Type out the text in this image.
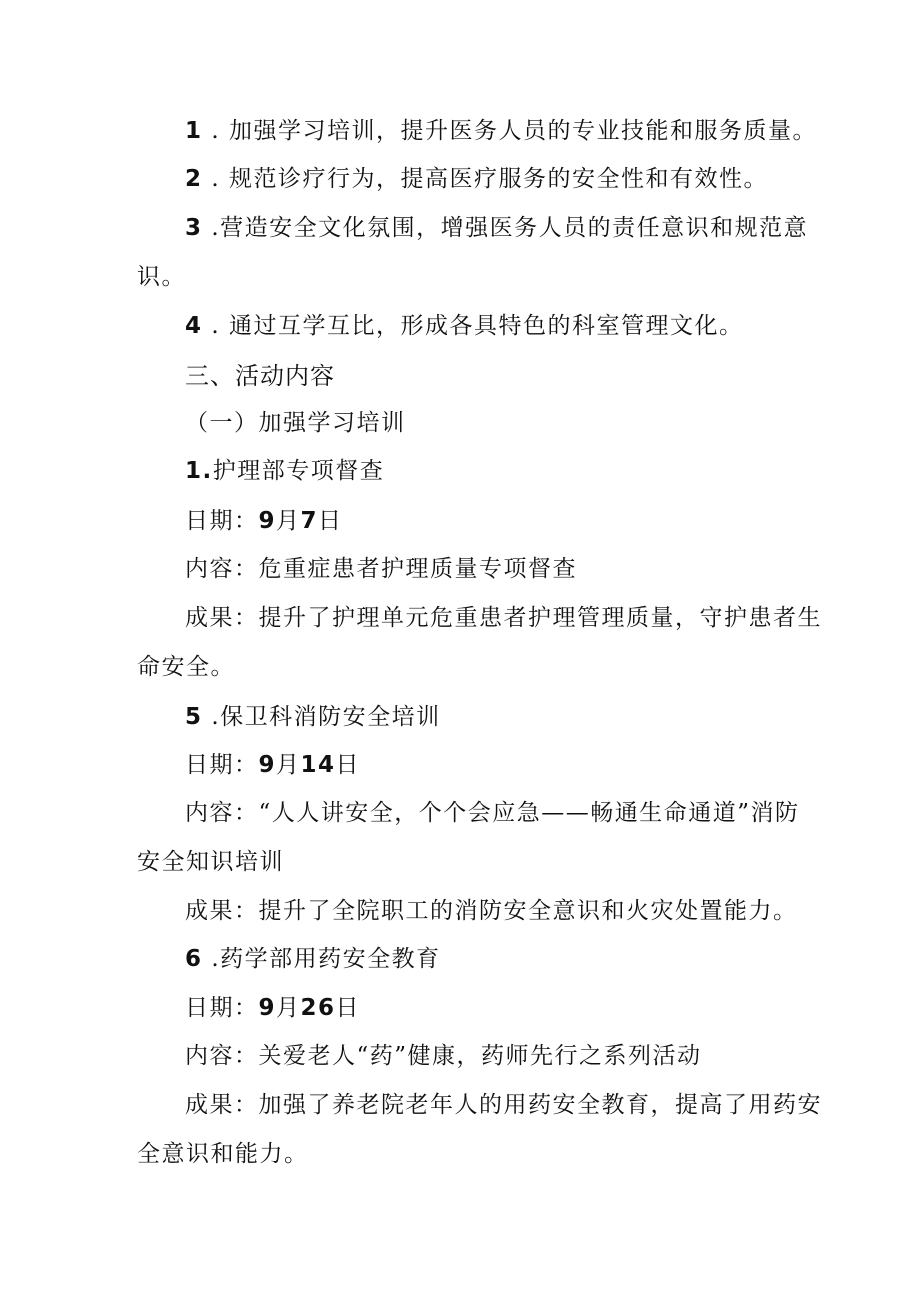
1 . 加强学习培训，提升医务人员的专业技能和服务质量。
2 . 规范诊疗行为，提高医疗服务的安全性和有效性。
3 .营造安全文化氛围，增强医务人员的责任意识和规范意
识。
4 . 通过互学互比，形成各具特色的科室管理文化。
三、活动内容
（一）加强学习培训
1.护理部专项督查
日期：9月7日
内容：危重症患者护理质量专项督查
成果：提升了护理单元危重患者护理管理质量，守护患者生
命安全。
5 .保卫科消防安全培训
日期：9月14日
内容：“人人讲安全，个个会应急——畅通生命通道”消防
安全知识培训
成果：提升了全院职工的消防安全意识和火灾处置能力。
6 .药学部用药安全教育
日期：9月26日
内容：关爱老人“药”健康，药师先行之系列活动
成果：加强了养老院老年人的用药安全教育，提高了用药安
全意识和能力。
